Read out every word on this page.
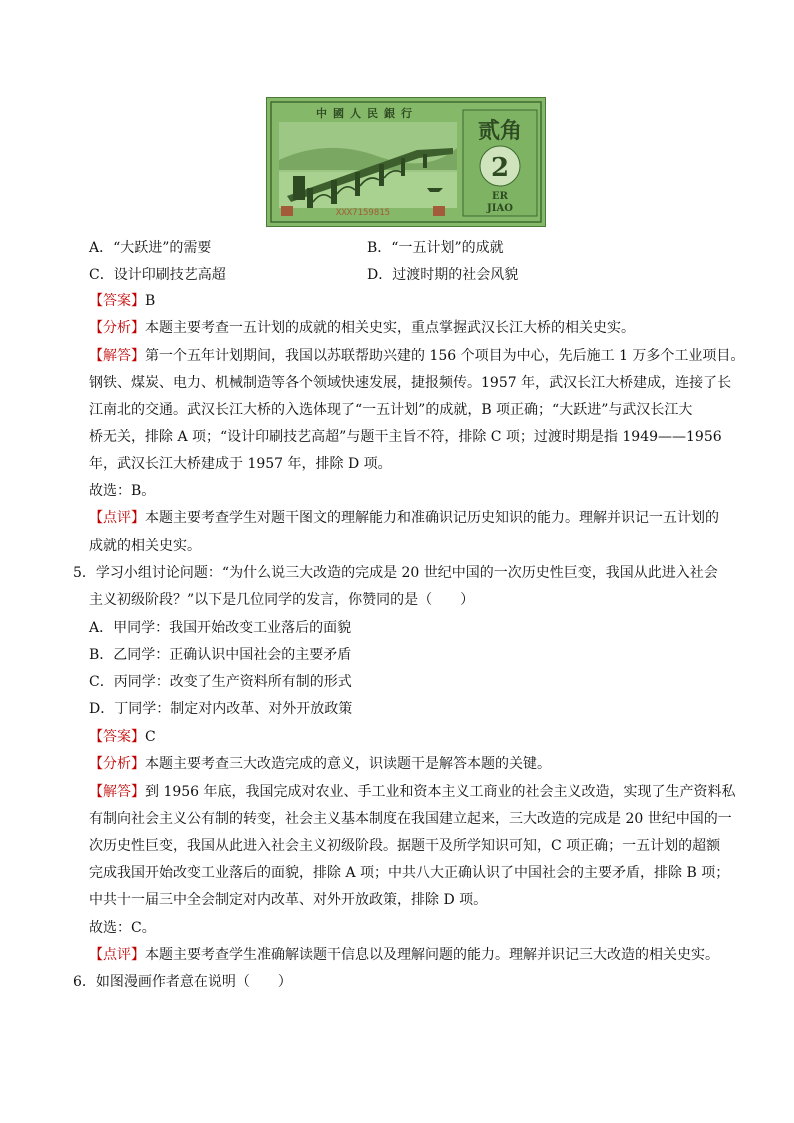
中國人民銀行
贰角
2
ER
JIAO
XXX7159815
A．“大跃进”的需要	B．“一五计划”的成就
C．设计印刷技艺高超	D．过渡时期的社会风貌
【答案】B
【分析】本题主要考查一五计划的成就的相关史实，重点掌握武汉长江大桥的相关史实。
【解答】第一个五年计划期间，我国以苏联帮助兴建的 156 个项目为中心，先后施工 1 万多个工业项目。
钢铁、煤炭、电力、机械制造等各个领域快速发展，捷报频传。1957 年，武汉长江大桥建成，连接了长
江南北的交通。武汉长江大桥的入选体现了“一五计划”的成就，B 项正确；“大跃进”与武汉长江大
桥无关，排除 A 项；“设计印刷技艺高超”与题干主旨不符，排除 C 项；过渡时期是指 1949——1956
年，武汉长江大桥建成于 1957 年，排除 D 项。
故选：B。
【点评】本题主要考查学生对题干图文的理解能力和准确识记历史知识的能力。理解并识记一五计划的
成就的相关史实。
5．学习小组讨论问题：“为什么说三大改造的完成是 20 世纪中国的一次历史性巨变，我国从此进入社会
主义初级阶段？”以下是几位同学的发言，你赞同的是（　　）
A．甲同学：我国开始改变工业落后的面貌
B．乙同学：正确认识中国社会的主要矛盾
C．丙同学：改变了生产资料所有制的形式
D．丁同学：制定对内改革、对外开放政策
【答案】C
【分析】本题主要考查三大改造完成的意义，识读题干是解答本题的关键。
【解答】到 1956 年底，我国完成对农业、手工业和资本主义工商业的社会主义改造，实现了生产资料私
有制向社会主义公有制的转变，社会主义基本制度在我国建立起来，三大改造的完成是 20 世纪中国的一
次历史性巨变，我国从此进入社会主义初级阶段。据题干及所学知识可知，C 项正确；一五计划的超额
完成我国开始改变工业落后的面貌，排除 A 项；中共八大正确认识了中国社会的主要矛盾，排除 B 项；
中共十一届三中全会制定对内改革、对外开放政策，排除 D 项。
故选：C。
【点评】本题主要考查学生准确解读题干信息以及理解问题的能力。理解并识记三大改造的相关史实。
6．如图漫画作者意在说明（　　）
